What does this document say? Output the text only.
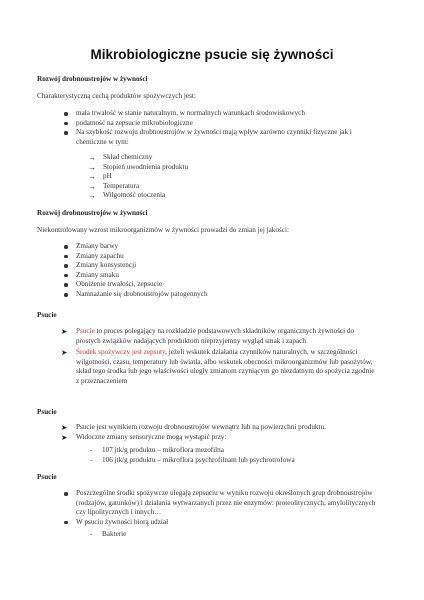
Mikrobiologiczne psucie się żywności
Rozwój drobnoustrojów w żywności
Charakterystyczną cechą produktów spożywczych jest:
mała trwałość w stanie naturalnym, w normalnych warunkach środowiskowych
podatność na zepsucie mikrobiologiczne
Na szybkość rozwoju drobnoustrojów w żywności mają wpływ zarówno czynniki fizyczne jak i chemiczne w tym:
→ Skład chemiczny
→ Stopień uwodnienia produktu
→ pH
→ Temperatura
→ Wilgotność otoczenia
Rozwój drobnoustrojów w żywności
Niekontrolowany wzrost mikroorganizmów w żywności prowadzi do zmian jej jakości:
Zmiany barwy
Zmiany zapachu
Zmiany konsystencji
Zmiany smaku
Obniżenie trwałości, zepsucie
Namnażanie się drobnoustrojów patogennych
Psucie
➤ Psucie to proces polegający na rozkładzie podstawowych składników organicznych żywności do prostych związków nadających produktom nieprzyjemny wygląd smak i zapach
➤ Środek spożywczy jest zepsuty, jeżeli wskutek działania czynników naturalnych, w szczególności wilgotności, czasu, temperatury lub światła, albo wskutek obecności mikroorganizmów lub pasożytów, skład tego środka lub jego właściwości uległy zmianom czyniącym go niezdatnym do spożycia zgodnie z przeznaczeniem
Psucie
➤ Psucie jest wynikiem rozwoju drobnoustrojów wewnątrz lub na powierzchni produktu.
➤ Widoczne zmiany sensoryczne mogą wystąpić przy:
- 107 jtk/g produktu – mikroflora mezofilna
- 106 jtk/g produktu – mikroflora psychrofilnam lub psychrotrofowa
Psucie
Poszczególne środki spożywcze ulegają zepsuciu w wyniku rozwoju określonych grup drobnoustrojów (rodzajów, gatunków) i działania wytwarzanych przez nie enzymów: proteolitycznych, amylolitycznych czy lipolitycznych i innych…
W psuciu żywności biorą udział
- Bakterie
